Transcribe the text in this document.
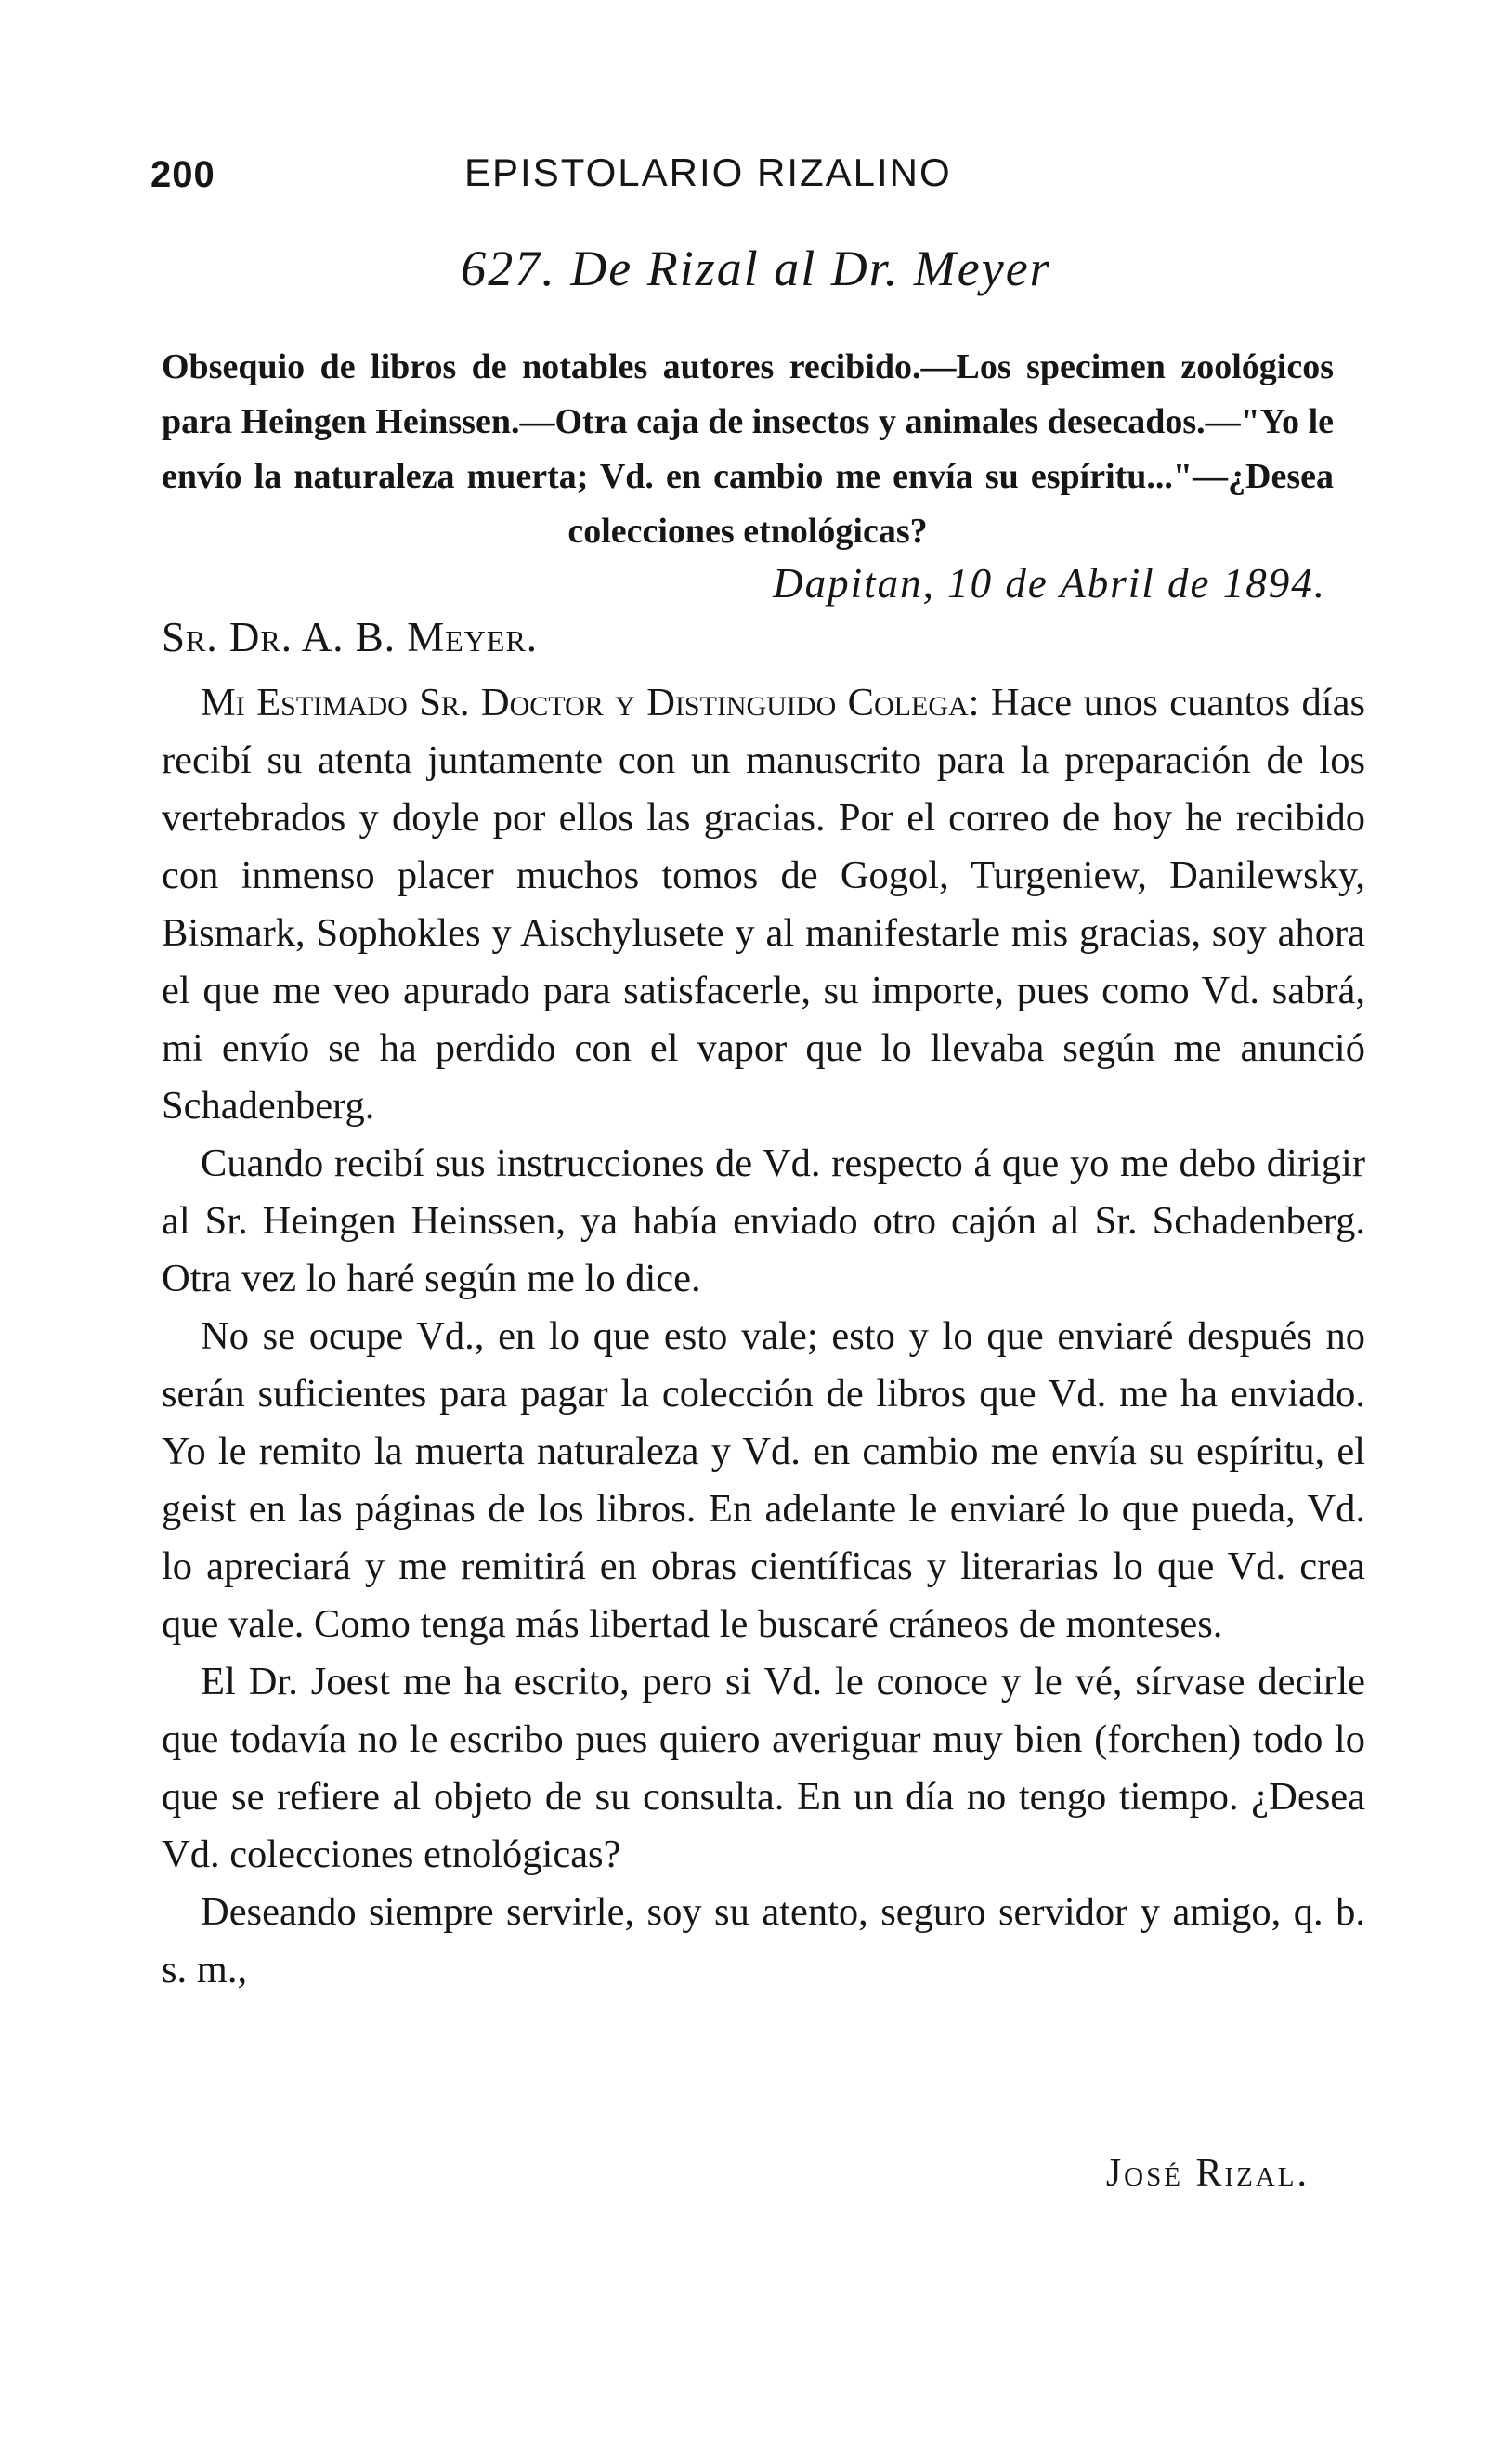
200	EPISTOLARIO RIZALINO
627. De Rizal al Dr. Meyer
Obsequio de libros de notables autores recibido.—Los specimen zoológicos para Heingen Heinssen.—Otra caja de insectos y animales desecados.—"Yo le envío la naturaleza muerta; Vd. en cambio me envía su espíritu..."—¿Desea colecciones etnológicas?
Dapitan, 10 de Abril de 1894.
Sr. Dr. A. B. Meyer.

Mi Estimado Sr. Doctor y Distinguido Colega: Hace unos cuantos días recibí su atenta juntamente con un manuscrito para la preparación de los vertebrados y doyle por ellos las gracias. Por el correo de hoy he recibido con inmenso placer muchos tomos de Gogol, Turgeniew, Danilewsky, Bismark, Sophokles y Aischylusete y al manifestarle mis gracias, soy ahora el que me veo apurado para satisfacerle, su importe, pues como Vd. sabrá, mi envío se ha perdido con el vapor que lo llevaba según me anunció Schadenberg.

Cuando recibí sus instrucciones de Vd. respecto á que yo me debo dirigir al Sr. Heingen Heinssen, ya había enviado otro cajón al Sr. Schadenberg. Otra vez lo haré según me lo dice.

No se ocupe Vd., en lo que esto vale; esto y lo que enviaré después no serán suficientes para pagar la colección de libros que Vd. me ha enviado. Yo le remito la muerta naturaleza y Vd. en cambio me envía su espíritu, el geist en las páginas de los libros. En adelante le enviaré lo que pueda, Vd. lo apreciará y me remitirá en obras científicas y literarias lo que Vd. crea que vale. Como tenga más libertad le buscaré cráneos de monteses.

El Dr. Joest me ha escrito, pero si Vd. le conoce y le vé, sírvase decirle que todavía no le escribo pues quiero averiguar muy bien (forchen) todo lo que se refiere al objeto de su consulta. En un día no tengo tiempo. ¿Desea Vd. colecciones etnológicas?

Deseando siempre servirle, soy su atento, seguro servidor y amigo, q. b. s. m.,

José Rizal.
